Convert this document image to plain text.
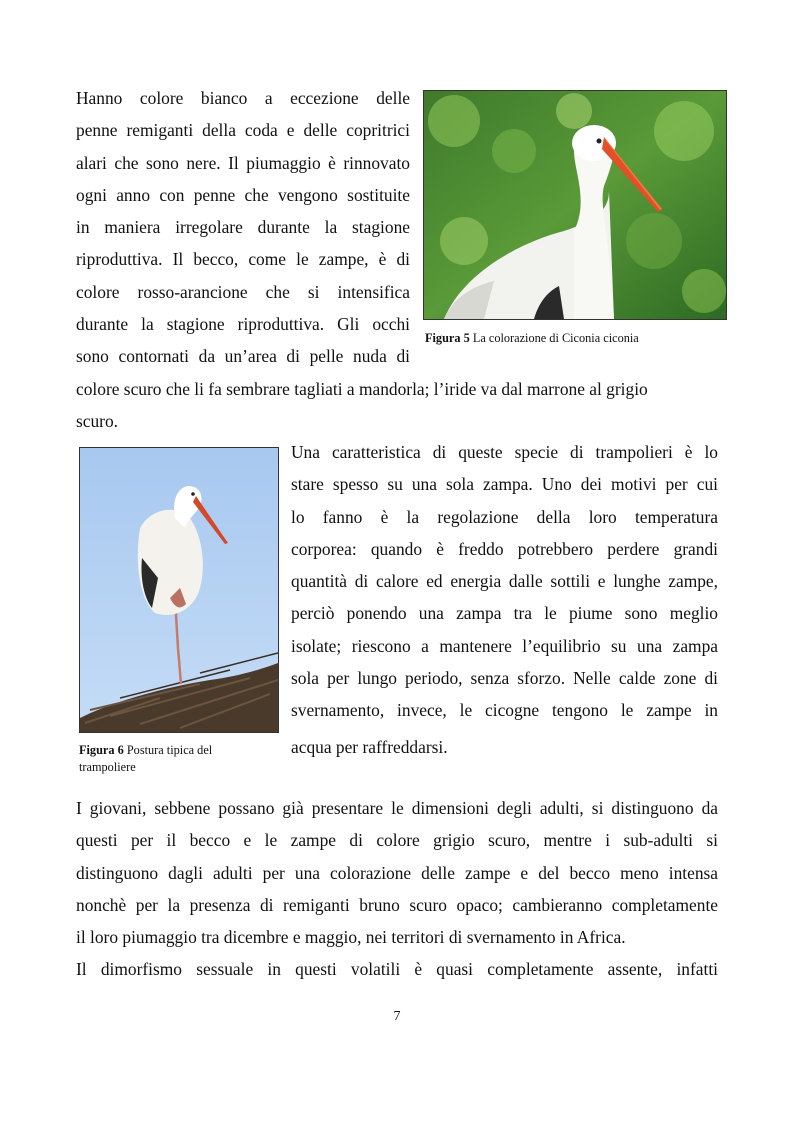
Hanno colore bianco a eccezione delle
penne remiganti della coda e delle copritrici
alari che sono nere. Il piumaggio è rinnovato
ogni anno con penne che vengono sostituite
in maniera irregolare durante la stagione
riproduttiva. Il becco, come le zampe, è di
colore rosso-arancione che si intensifica
durante la stagione riproduttiva. Gli occhi
sono contornati da un’area di pelle nuda di
colore scuro che li fa sembrare tagliati a mandorla; l’iride va dal marrone al grigio
scuro.

Figura 5 La colorazione di Ciconia ciconia

Figura 6 Postura tipica del
trampoliere

Una caratteristica di queste specie di trampolieri è lo
stare spesso su una sola zampa. Uno dei motivi per cui
lo fanno è la regolazione della loro temperatura
corporea: quando è freddo potrebbero perdere grandi
quantità di calore ed energia dalle sottili e lunghe zampe,
perciò ponendo una zampa tra le piume sono meglio
isolate; riescono a mantenere l’equilibrio su una zampa
sola per lungo periodo, senza sforzo. Nelle calde zone di
svernamento, invece, le cicogne tengono le zampe in
acqua per raffreddarsi.
I giovani, sebbene possano già presentare le dimensioni degli adulti, si distinguono da
questi per il becco e le zampe di colore grigio scuro, mentre i sub-adulti si
distinguono dagli adulti per una colorazione delle zampe e del becco meno intensa
nonchè per la presenza di remiganti bruno scuro opaco; cambieranno completamente
il loro piumaggio tra dicembre e maggio, nei territori di svernamento in Africa.
Il dimorfismo sessuale in questi volatili è quasi completamente assente, infatti
7
